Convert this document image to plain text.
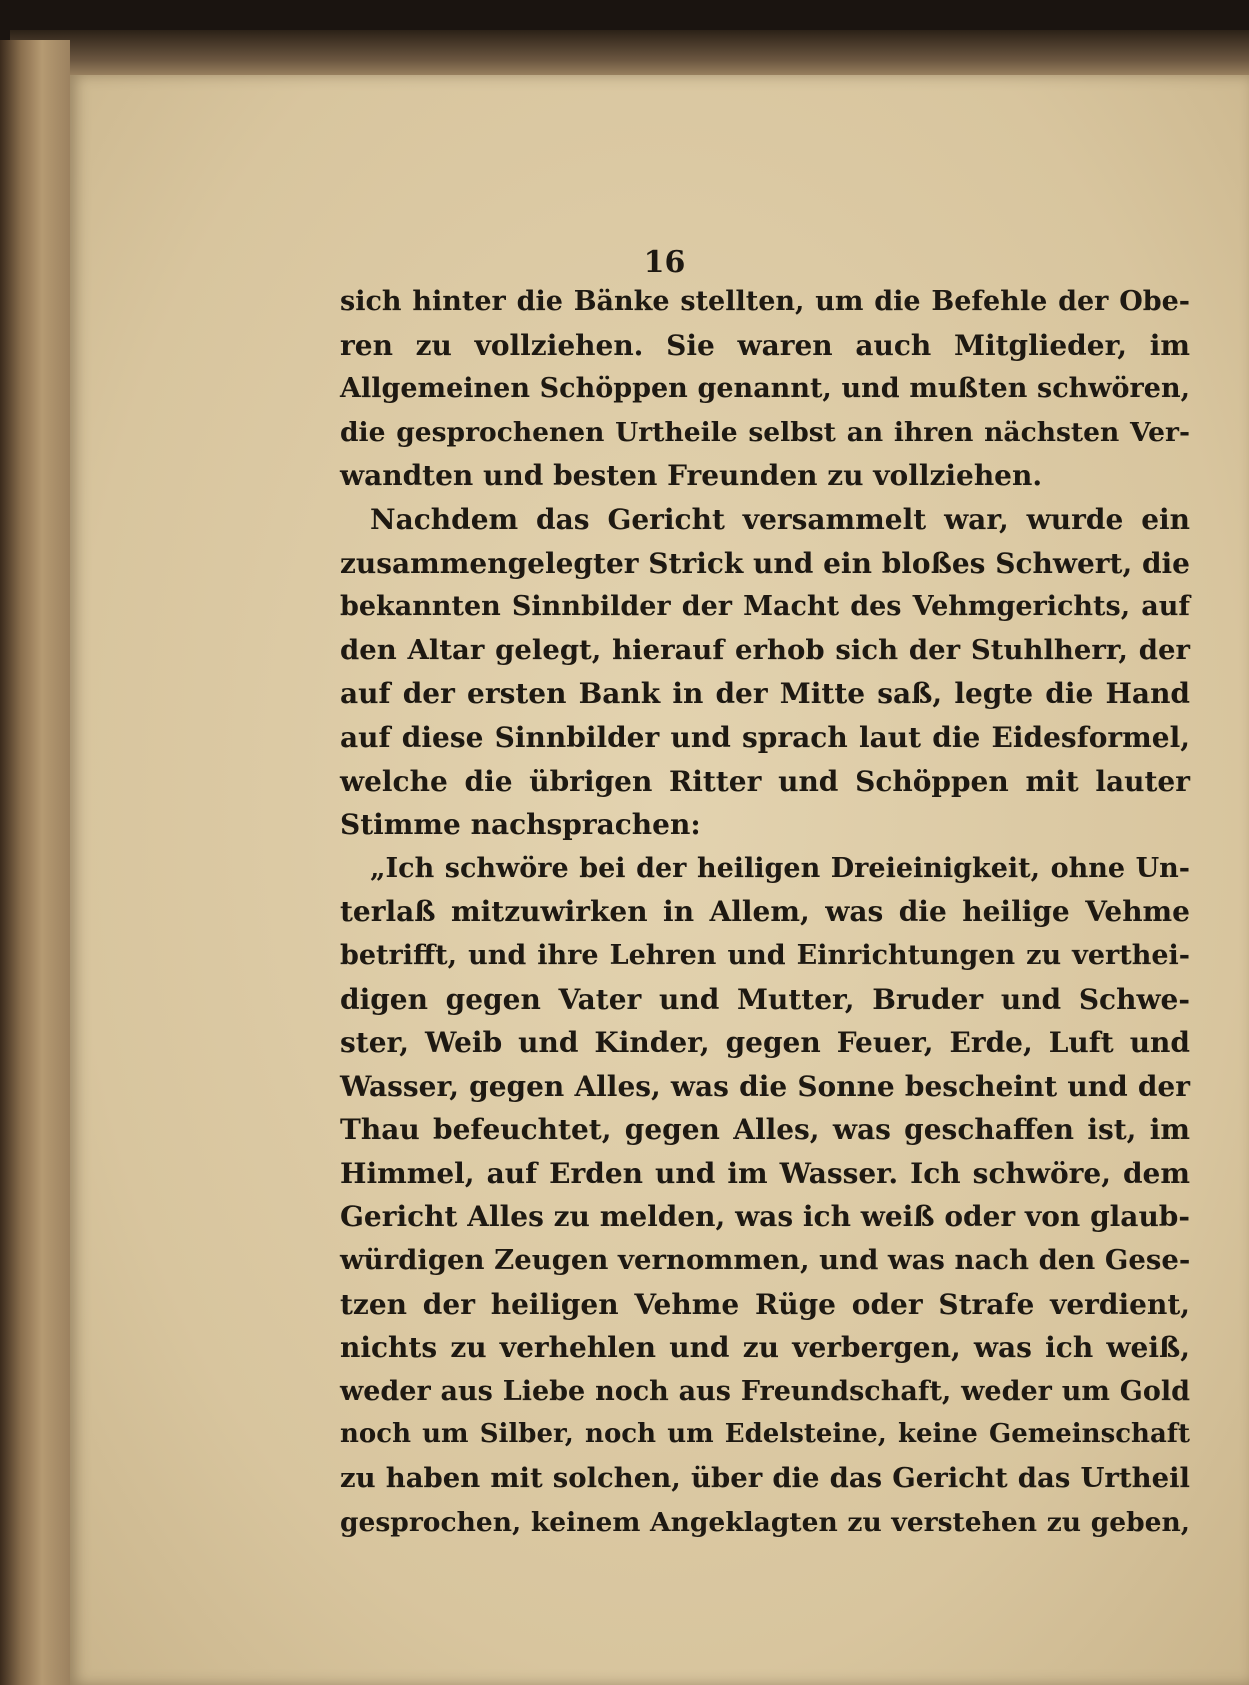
16
sich hinter die Bänke stellten, um die Befehle der Obe-
ren zu vollziehen. Sie waren auch Mitglieder, im
Allgemeinen Schöppen genannt, und mußten schwören,
die gesprochenen Urtheile selbst an ihren nächsten Ver-
wandten und besten Freunden zu vollziehen.
Nachdem das Gericht versammelt war, wurde ein
zusammengelegter Strick und ein bloßes Schwert, die
bekannten Sinnbilder der Macht des Vehmgerichts, auf
den Altar gelegt, hierauf erhob sich der Stuhlherr, der
auf der ersten Bank in der Mitte saß, legte die Hand
auf diese Sinnbilder und sprach laut die Eidesformel,
welche die übrigen Ritter und Schöppen mit lauter
Stimme nachsprachen:
„Ich schwöre bei der heiligen Dreieinigkeit, ohne Un-
terlaß mitzuwirken in Allem, was die heilige Vehme
betrifft, und ihre Lehren und Einrichtungen zu verthei-
digen gegen Vater und Mutter, Bruder und Schwe-
ster, Weib und Kinder, gegen Feuer, Erde, Luft und
Wasser, gegen Alles, was die Sonne bescheint und der
Thau befeuchtet, gegen Alles, was geschaffen ist, im
Himmel, auf Erden und im Wasser. Ich schwöre, dem
Gericht Alles zu melden, was ich weiß oder von glaub-
würdigen Zeugen vernommen, und was nach den Gese-
tzen der heiligen Vehme Rüge oder Strafe verdient,
nichts zu verhehlen und zu verbergen, was ich weiß,
weder aus Liebe noch aus Freundschaft, weder um Gold
noch um Silber, noch um Edelsteine, keine Gemeinschaft
zu haben mit solchen, über die das Gericht das Urtheil
gesprochen, keinem Angeklagten zu verstehen zu geben,
